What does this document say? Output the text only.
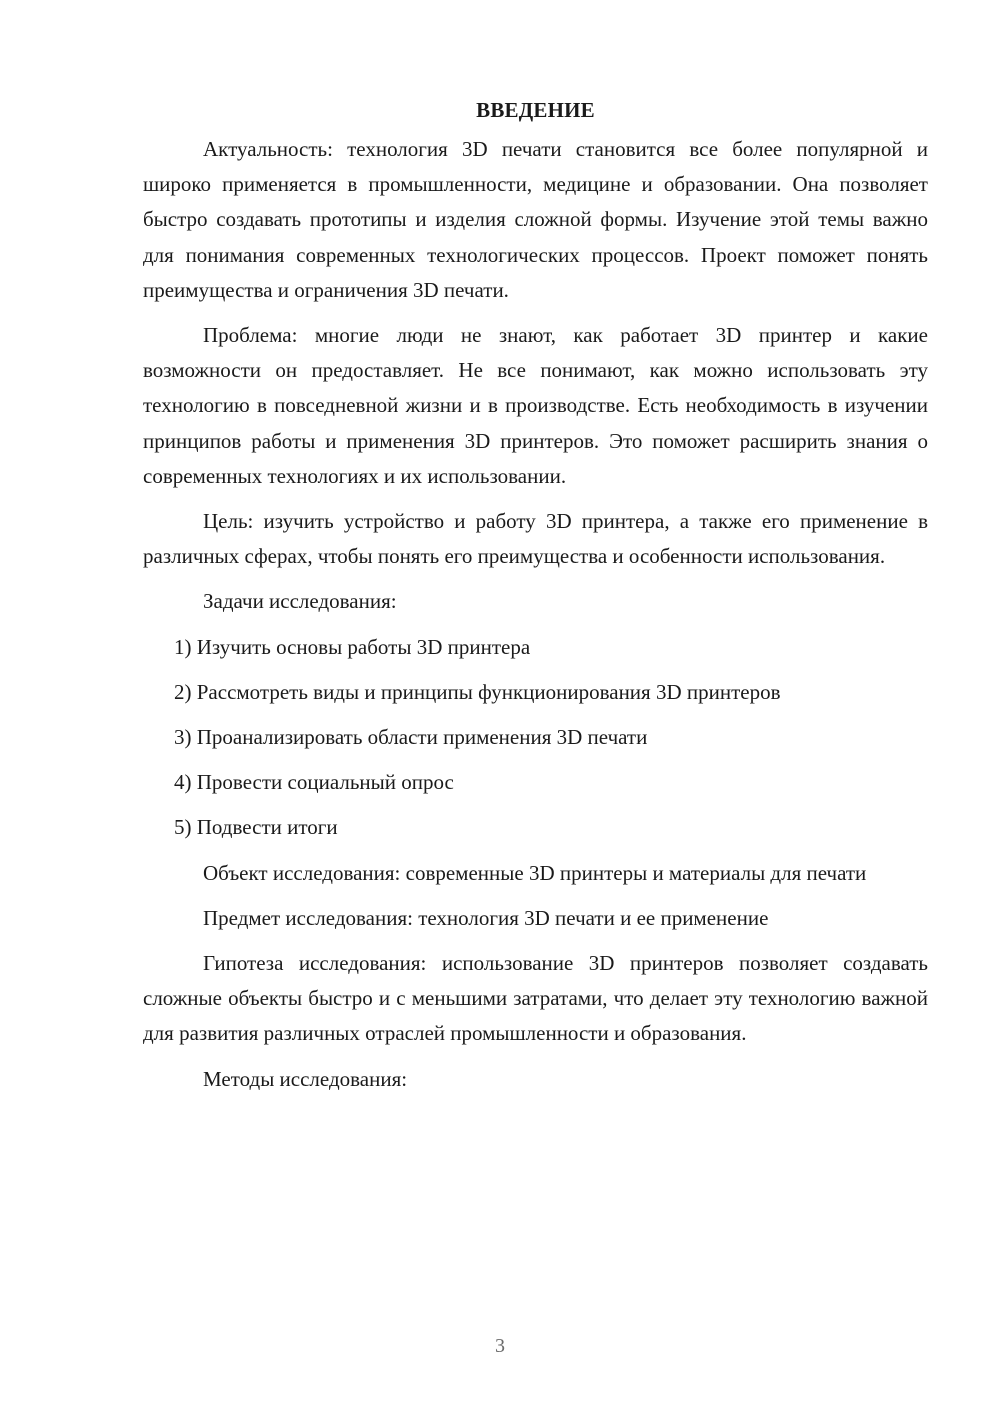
ВВЕДЕНИЕ

Актуальность: технология 3D печати становится все более популярной и широко применяется в промышленности, медицине и образовании. Она позволяет быстро создавать прототипы и изделия сложной формы. Изучение этой темы важно для понимания современных технологических процессов. Проект поможет понять преимущества и ограничения 3D печати.

Проблема: многие люди не знают, как работает 3D принтер и какие возможности он предоставляет. Не все понимают, как можно использовать эту технологию в повседневной жизни и в производстве. Есть необходимость в изучении принципов работы и применения 3D принтеров. Это поможет расширить знания о современных технологиях и их использовании.

Цель: изучить устройство и работу 3D принтера, а также его применение в различных сферах, чтобы понять его преимущества и особенности использования.

Задачи исследования:

1) Изучить основы работы 3D принтера
2) Рассмотреть виды и принципы функционирования 3D принтеров
3) Проанализировать области применения 3D печати
4) Провести социальный опрос
5) Подвести итоги

Объект исследования: современные 3D принтеры и материалы для печати

Предмет исследования: технология 3D печати и ее применение

Гипотеза исследования: использование 3D принтеров позволяет создавать сложные объекты быстро и с меньшими затратами, что делает эту технологию важной для развития различных отраслей промышленности и образования.

Методы исследования:

3
